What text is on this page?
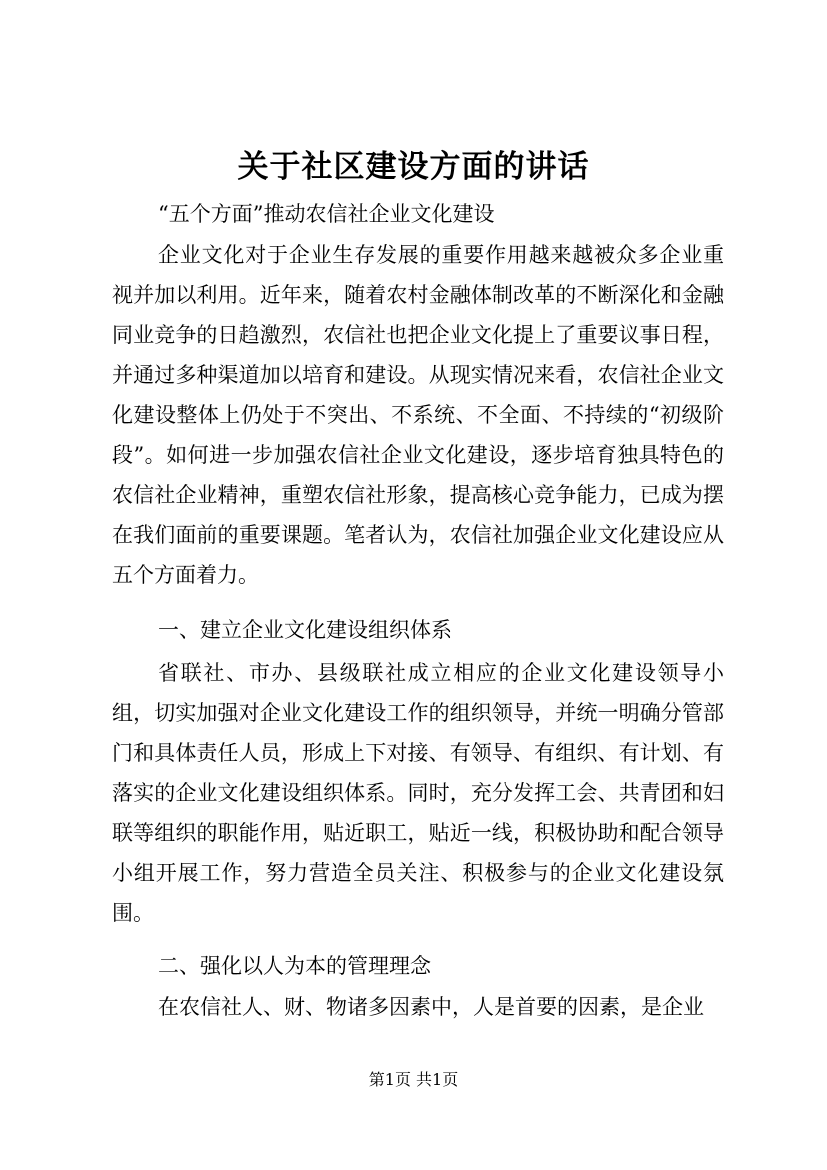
关于社区建设方面的讲话
“五个方面”推动农信社企业文化建设

企业文化对于企业生存发展的重要作用越来越被众多企业重视并加以利用。近年来，随着农村金融体制改革的不断深化和金融同业竞争的日趋激烈，农信社也把企业文化提上了重要议事日程，并通过多种渠道加以培育和建设。从现实情况来看，农信社企业文化建设整体上仍处于不突出、不系统、不全面、不持续的“初级阶段”。如何进一步加强农信社企业文化建设，逐步培育独具特色的农信社企业精神，重塑农信社形象，提高核心竞争能力，已成为摆在我们面前的重要课题。笔者认为，农信社加强企业文化建设应从五个方面着力。

一、建立企业文化建设组织体系

省联社、市办、县级联社成立相应的企业文化建设领导小组，切实加强对企业文化建设工作的组织领导，并统一明确分管部门和具体责任人员，形成上下对接、有领导、有组织、有计划、有落实的企业文化建设组织体系。同时，充分发挥工会、共青团和妇联等组织的职能作用，贴近职工，贴近一线，积极协助和配合领导小组开展工作，努力营造全员关注、积极参与的企业文化建设氛围。

二、强化以人为本的管理理念

在农信社人、财、物诸多因素中，人是首要的因素，是企业

第1页 共1页
